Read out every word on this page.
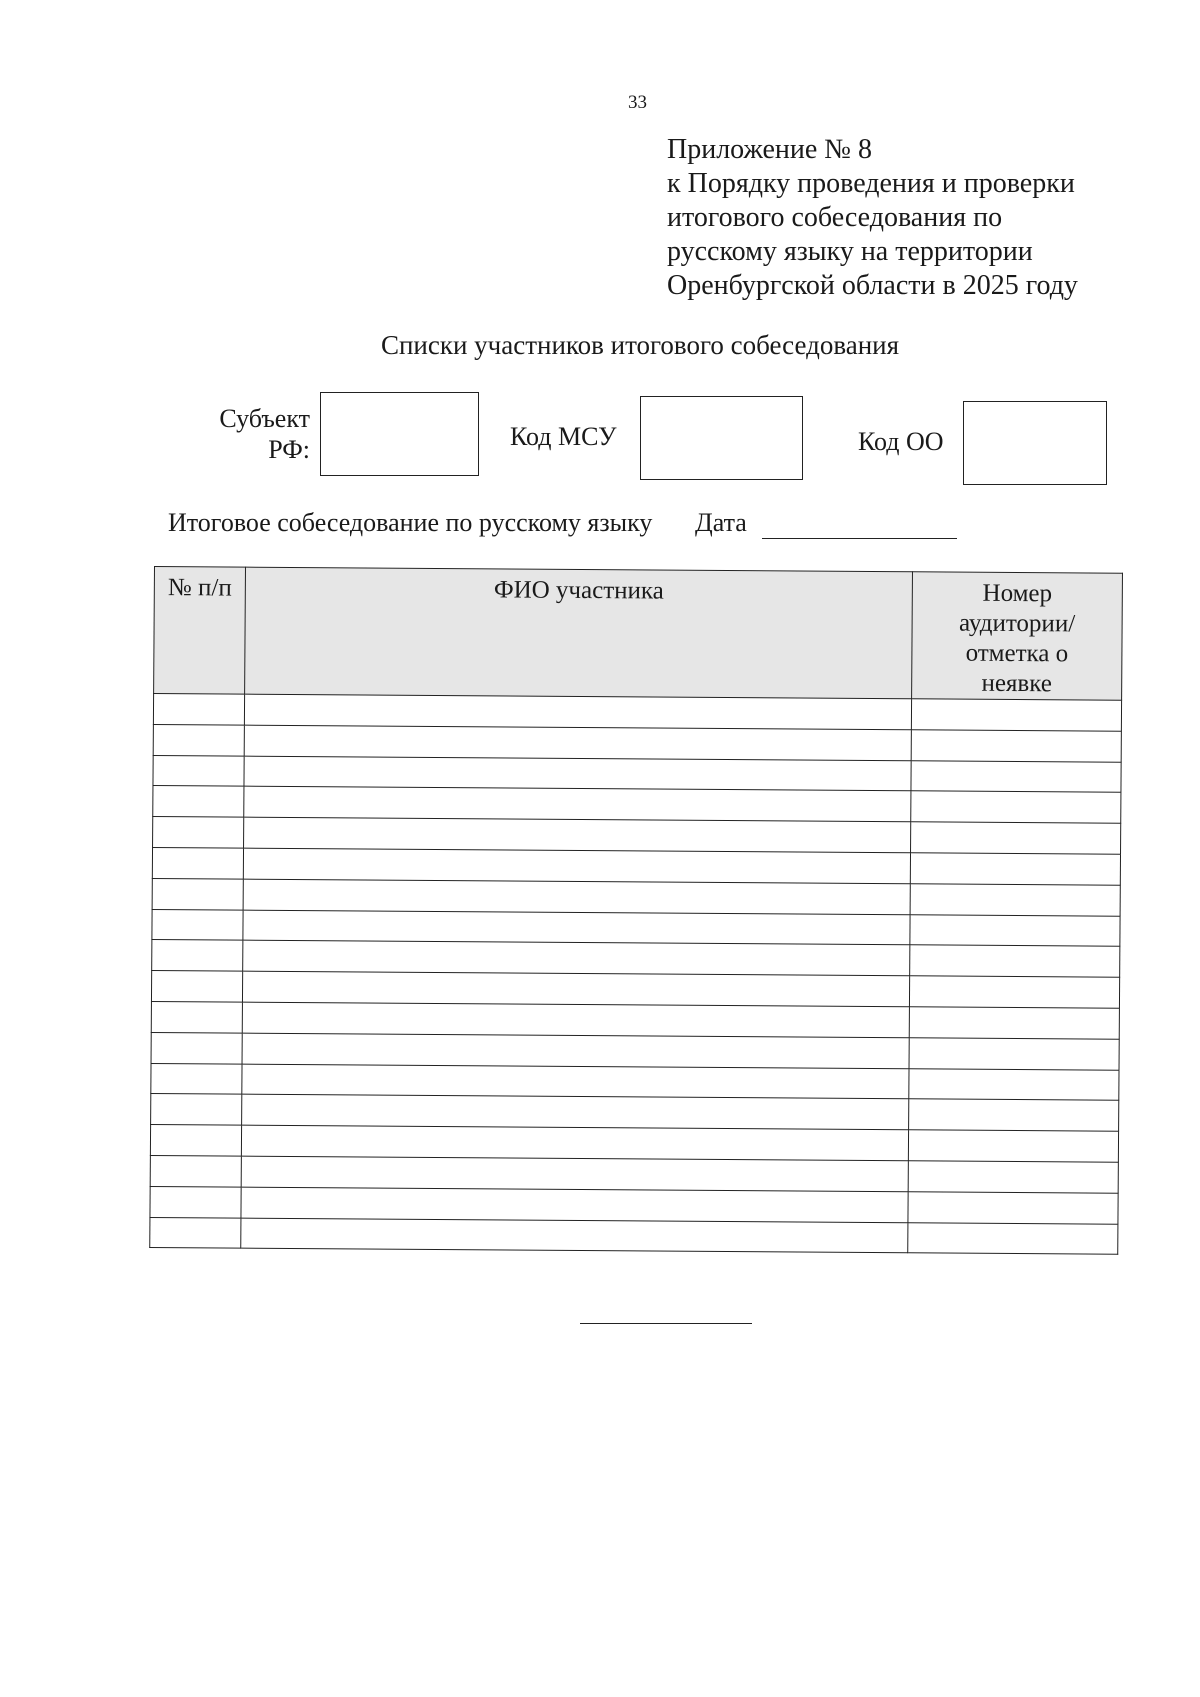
33
Приложение № 8
к Порядку проведения и проверки
итогового собеседования по
русскому языку на территории
Оренбургской области в 2025 году
Списки участников итогового собеседования
Субъект РФ:	Код МСУ	Код ОО
Итоговое собеседование по русскому языку Дата
№ п/п	ФИО участника	Номер аудитории/ отметка о неявке
